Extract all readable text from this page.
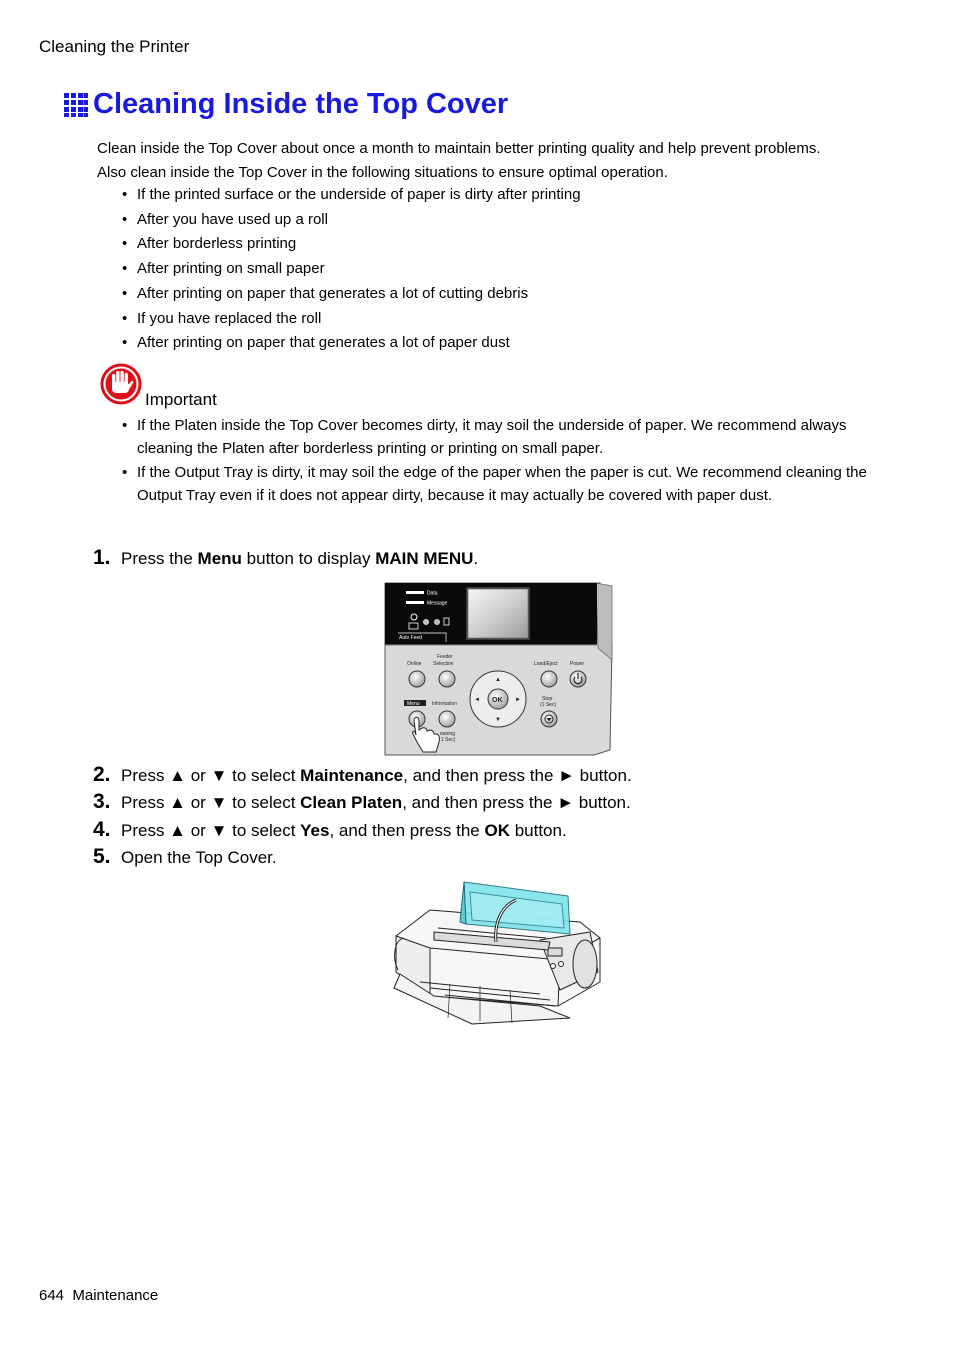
Cleaning the Printer
Cleaning Inside the Top Cover
Clean inside the Top Cover about once a month to maintain better printing quality and help prevent problems.
Also clean inside the Top Cover in the following situations to ensure optimal operation.
• If the printed surface or the underside of paper is dirty after printing
• After you have used up a roll
• After borderless printing
• After printing on small paper
• After printing on paper that generates a lot of cutting debris
• If you have replaced the roll
• After printing on paper that generates a lot of paper dust
Important
• If the Platen inside the Top Cover becomes dirty, it may soil the underside of paper. We recommend always cleaning the Platen after borderless printing or printing on small paper.
• If the Output Tray is dirty, it may soil the edge of the paper when the paper is cut. We recommend cleaning the Output Tray even if it does not appear dirty, because it may actually be covered with paper dust.
1. Press the Menu button to display MAIN MENU.
Data
Message
Auto Feed
Online
Feeder
Selection	Load/Eject Power
Menu Information
eaning
1 Sec)
OK
▲
▼
◄	►	Stop
(1 Sec)
2. Press ▲ or ▼ to select Maintenance, and then press the ► button.
3. Press ▲ or ▼ to select Clean Platen, and then press the ► button.
4. Press ▲ or ▼ to select Yes, and then press the OK button.
5. Open the Top Cover.
644 Maintenance
